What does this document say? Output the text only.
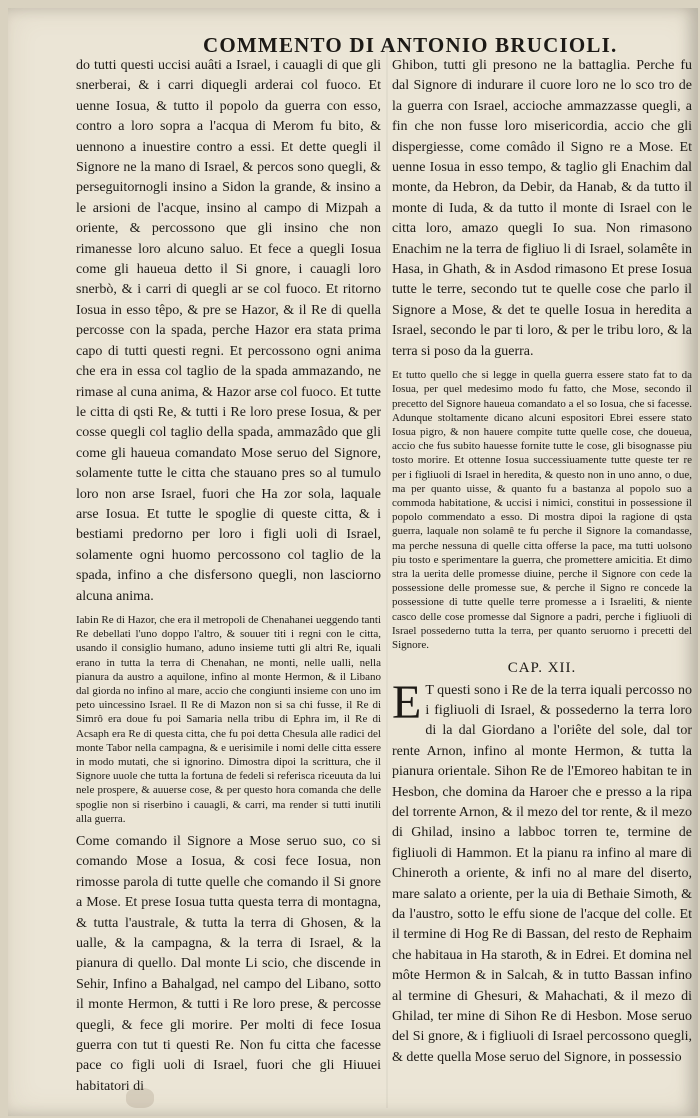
COMMENTO DI ANTONIO BRUCIOLI.

do tutti questi uccisi auâti a Israel, i cauagli di que gli snerberai, & i carri diquegli arderai col fuoco. Et uenne Iosua, & tutto il popolo da guerra con esso, contro a loro sopra a l'acqua di Merom fu bito, & uennono a inuestire contro a essi. Et dette quegli il Signore ne la mano di Israel, & percos sono quegli, & perseguitornogli insino a Sidon la grande, & insino a le arsioni de l'acque, insino al campo di Mizpah a oriente, & percossono que gli insino che non rimanesse loro alcuno saluo. Et fece a quegli Iosua come gli haueua detto il Si gnore, i cauagli loro snerbò, & i carri di quegli ar se col fuoco. Et ritorno Iosua in esso têpo, & pre se Hazor, & il Re di quella percosse con la spada, perche Hazor era stata prima capo di tutti questi regni. Et percossono ogni anima che era in essa col taglio de la spada ammazando, ne rimase al cuna anima, & Hazor arse col fuoco. Et tutte le citta di qsti Re, & tutti i Re loro prese Iosua, & per cosse quegli col taglio della spada, ammazâdo que gli come gli haueua comandato Mose seruo del Signore, solamente tutte le citta che stauano pres so al tumulo loro non arse Israel, fuori che Ha zor sola, laquale arse Iosua. Et tutte le spoglie di queste citta, & i bestiami predorno per loro i figli uoli di Israel, solamente ogni huomo percossono col taglio de la spada, infino a che disfersono quegli, non lasciorno alcuna anima.

Iabin Re di Hazor, che era il metropoli de Chenahanei ueggendo tanti Re debellati l'uno doppo l'altro, & souuer titi i regni con le citta, usando il consiglio humano, aduno insieme tutti gli altri Re, iquali erano in tutta la terra di Chenahan, ne monti, nelle ualli, nella pianura da austro a aquilone, infino al monte Hermon, & il Libano dal giorda no infino al mare, accio che congiunti insieme con uno im peto uincessino Israel. Il Re di Mazon non si sa chi fusse, il Re di Simrô era doue fu poi Samaria nella tribu di Ephra im, il Re di Acsaph era Re di questa citta, che fu poi detta Chesula alle radici del monte Tabor nella campagna, & e uerisimile i nomi delle citta essere in modo mutati, che si ignorino. Dimostra dipoi la scrittura, che il Signore uuole che tutta la fortuna de fedeli si referisca riceuuta da lui nele prospere, & auuerse cose, & per questo hora comanda che delle spoglie non si riserbino i cauagli, & carri, ma render si tutti inutili alla guerra.

Come comando il Signore a Mose seruo suo, co si comando Mose a Iosua, & cosi fece Iosua, non rimosse parola di tutte quelle che comando il Si gnore a Mose. Et prese Iosua tutta questa terra di montagna, & tutta l'australe, & tutta la terra di Ghosen, & la ualle, & la campagna, & la terra di Israel, & la pianura di quello. Dal monte Li scio, che discende in Sehir, Infino a Bahalgad, nel campo del Libano, sotto il monte Hermon, & tutti i Re loro prese, & percosse quegli, & fece gli morire. Per molti di fece Iosua guerra con tut ti questi Re. Non fu citta che facesse pace co figli uoli di Israel, fuori che gli Hiuuei habitatori di

Ghibon, tutti gli presono ne la battaglia. Perche fu dal Signore di indurare il cuore loro ne lo sco tro de la guerra con Israel, accioche ammazzasse quegli, a fin che non fusse loro misericordia, accio che gli dispergiesse, come comâdo il Signo re a Mose. Et uenne Iosua in esso tempo, & taglio gli Enachim dal monte, da Hebron, da Debir, da Hanab, & da tutto il monte di Iuda, & da tutto il monte di Israel con le citta loro, amazo quegli Io sua. Non rimasono Enachim ne la terra de figliuo li di Israel, solamête in Hasa, in Ghath, & in Asdod rimasono Et prese Iosua tutte le terre, secondo tut te quelle cose che parlo il Signore a Mose, & det te quelle Iosua in heredita a Israel, secondo le par ti loro, & per le tribu loro, & la terra si poso da la guerra.

Et tutto quello che si legge in quella guerra essere stato fat to da Iosua, per quel medesimo modo fu fatto, che Mose, secondo il precetto del Signore haueua comandato a el so Iosua, che si facesse. Adunque stoltamente dicano alcuni espositori Ebrei essere stato Iosua pigro, & non hauere compite tutte quelle cose, che doueua, accio che fus subito hauesse fornite tutte le cose, gli bisognasse piu tosto morire. Et ottenne Iosua successiuamente tutte queste ter re per i figliuoli di Israel in heredita, & questo non in uno anno, o due, ma per quanto uisse, & quanto fu a bastanza al popolo suo a commoda habitatione, & uccisi i nimici, constitui in possessione il popolo commendato a esso. Di mostra dipoi la ragione di qsta guerra, laquale non solamê te fu perche il Signore la comandasse, ma perche nessuna di quelle citta offerse la pace, ma tutti uolsono piu tosto e sperimentare la guerra, che promettere amicitia. Et dimo stra la uerita delle promesse diuine, perche il Signore con cede la possessione delle promesse sue, & perche il Signo re concede la possessione di tutte quelle terre promesse a i Israeliti, & niente casco delle cose promesse dal Signore a padri, perche i figliuoli di Israel possederno tutta la terra, per quanto seruorno i precetti del Signore.

CAP. XII.

E T questi sono i Re de la terra iquali percosso no i figliuoli di Israel, & possederno la terra loro di la dal Giordano a l'oriête del sole, dal tor rente Arnon, infino al monte Hermon, & tutta la pianura orientale. Sihon Re de l'Emoreo habitan te in Hesbon, che domina da Haroer che e presso a la ripa del torrente Arnon, & il mezo del tor rente, & il mezo di Ghilad, insino a labboc torren te, termine de figliuoli di Hammon. Et la pianu ra infino al mare di Chineroth a oriente, & infi no al mare del diserto, mare salato a oriente, per la uia di Bethaie Simoth, & da l'austro, sotto le effu sione de l'acque del colle. Et il termine di Hog Re di Bassan, del resto de Rephaim che habitaua in Ha staroth, & in Edrei. Et domina nel môte Hermon & in Salcah, & in tutto Bassan infino al termine di Ghesuri, & Mahachati, & il mezo di Ghilad, ter mine di Sihon Re di Hesbon. Mose seruo del Si gnore, & i figliuoli di Israel percossono quegli, & dette quella Mose seruo del Signore, in possessio
